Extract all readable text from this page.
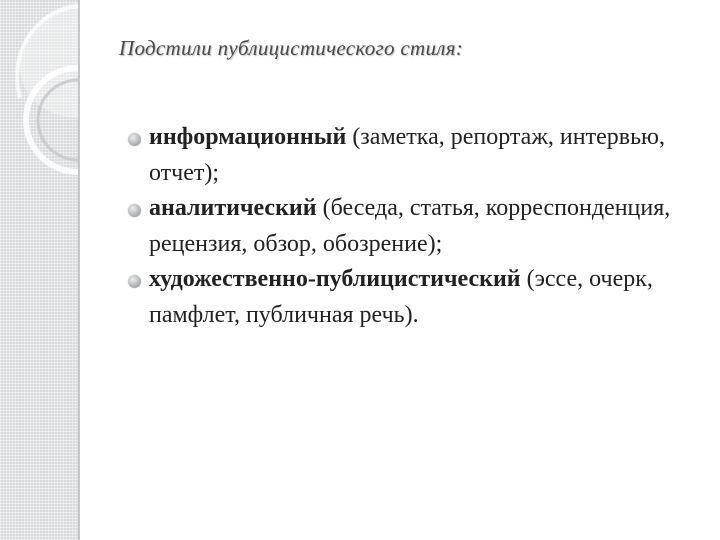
Подстили публицистического стиля:
информационный (заметка, репортаж, интервью, отчет);
аналитический (беседа, статья, корреспонденция, рецензия, обзор, обозрение);
художественно-публицистический (эссе, очерк, памфлет, публичная речь).
